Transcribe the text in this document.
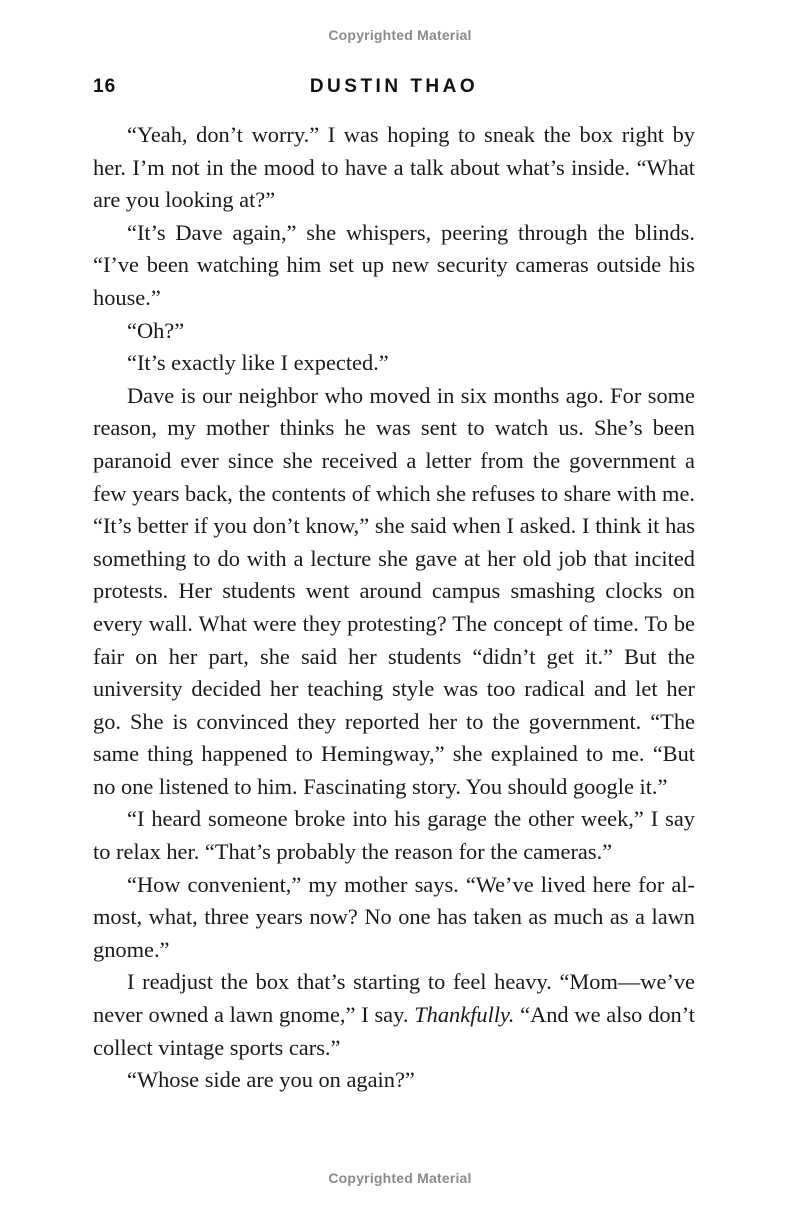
Copyrighted Material
16	DUSTIN THAO

“Yeah, don’t worry.” I was hoping to sneak the box right by her. I’m not in the mood to have a talk about what’s inside. “What are you looking at?”

“It’s Dave again,” she whispers, peering through the blinds. “I’ve been watching him set up new security cameras outside his house.”

“Oh?”

“It’s exactly like I expected.”

Dave is our neighbor who moved in six months ago. For some reason, my mother thinks he was sent to watch us. She’s been paranoid ever since she received a letter from the government a few years back, the contents of which she refuses to share with me. “It’s better if you don’t know,” she said when I asked. I think it has something to do with a lecture she gave at her old job that incited protests. Her students went around campus smashing clocks on every wall. What were they protesting? The concept of time. To be fair on her part, she said her students “didn’t get it.” But the university decided her teaching style was too radical and let her go. She is convinced they reported her to the government. “The same thing happened to Hemingway,” she explained to me. “But no one listened to him. Fascinating story. You should google it.”

“I heard someone broke into his garage the other week,” I say to relax her. “That’s probably the reason for the cameras.”

“How convenient,” my mother says. “We’ve lived here for almost, what, three years now? No one has taken as much as a lawn gnome.”

I readjust the box that’s starting to feel heavy. “Mom—we’ve never owned a lawn gnome,” I say. Thankfully. “And we also don’t collect vintage sports cars.”

“Whose side are you on again?”

Copyrighted Material
